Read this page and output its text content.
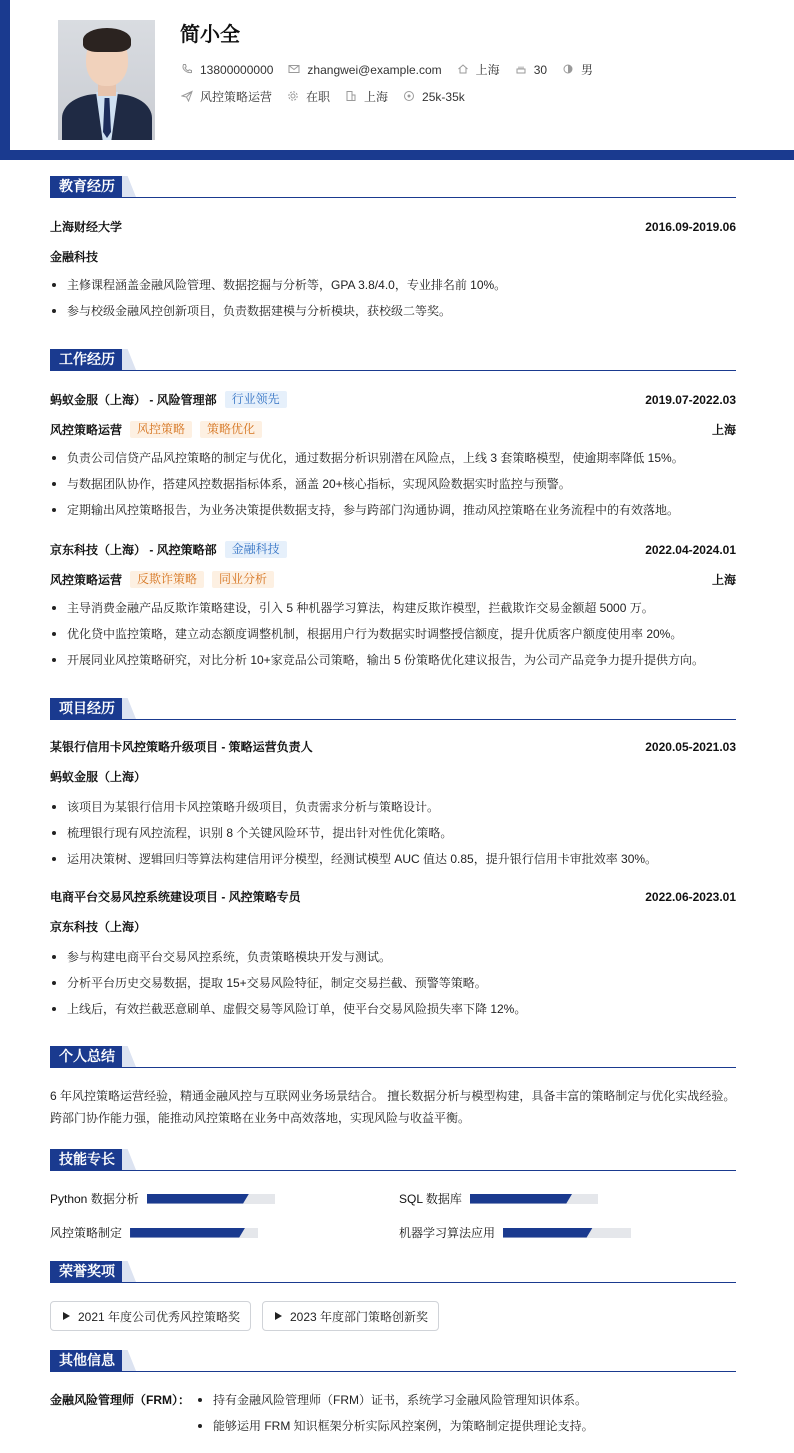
简小全
13800000000	zhangwei@example.com	上海	30	男
风控策略运营	在职	上海	25k-35k
教育经历
上海财经大学	2016.09-2019.06
金融科技
主修课程涵盖金融风险管理、数据挖掘与分析等，GPA 3.8/4.0，专业排名前 10%。
参与校级金融风控创新项目，负责数据建模与分析模块，获校级二等奖。
工作经历
蚂蚁金服（上海） - 风险管理部	行业领先	2019.07-2022.03
风控策略运营	风控策略	策略优化	上海
负责公司信贷产品风控策略的制定与优化，通过数据分析识别潜在风险点，上线 3 套策略模型，使逾期率降低 15%。
与数据团队协作，搭建风控数据指标体系，涵盖 20+核心指标，实现风险数据实时监控与预警。
定期输出风控策略报告，为业务决策提供数据支持，参与跨部门沟通协调，推动风控策略在业务流程中的有效落地。
京东科技（上海） - 风控策略部	金融科技	2022.04-2024.01
风控策略运营	反欺诈策略	同业分析	上海
主导消费金融产品反欺诈策略建设，引入 5 种机器学习算法，构建反欺诈模型，拦截欺诈交易金额超 5000 万。
优化贷中监控策略，建立动态额度调整机制，根据用户行为数据实时调整授信额度，提升优质客户额度使用率 20%。
开展同业风控策略研究，对比分析 10+家竞品公司策略，输出 5 份策略优化建议报告，为公司产品竞争力提升提供方向。
项目经历
某银行信用卡风控策略升级项目 - 策略运营负责人	2020.05-2021.03
蚂蚁金服（上海）
该项目为某银行信用卡风控策略升级项目，负责需求分析与策略设计。
梳理银行现有风控流程，识别 8 个关键风险环节，提出针对性优化策略。
运用决策树、逻辑回归等算法构建信用评分模型，经测试模型 AUC 值达 0.85，提升银行信用卡审批效率 30%。
电商平台交易风控系统建设项目 - 风控策略专员	2022.06-2023.01
京东科技（上海）
参与构建电商平台交易风控系统，负责策略模块开发与测试。
分析平台历史交易数据，提取 15+交易风险特征，制定交易拦截、预警等策略。
上线后，有效拦截恶意刷单、虚假交易等风险订单，使平台交易风险损失率下降 12%。
个人总结
6 年风控策略运营经验，精通金融风控与互联网业务场景结合。 擅长数据分析与模型构建，具备丰富的策略制定与优化实战经验。
跨部门协作能力强，能推动风控策略在业务中高效落地，实现风险与收益平衡。
技能专长
Python 数据分析	SQL 数据库
风控策略制定	机器学习算法应用
荣誉奖项
2021 年度公司优秀风控策略奖	2023 年度部门策略创新奖
其他信息
金融风险管理师（FRM）：	持有金融风险管理师（FRM）证书，系统学习金融风险管理知识体系。
能够运用 FRM 知识框架分析实际风控案例，为策略制定提供理论支持。
